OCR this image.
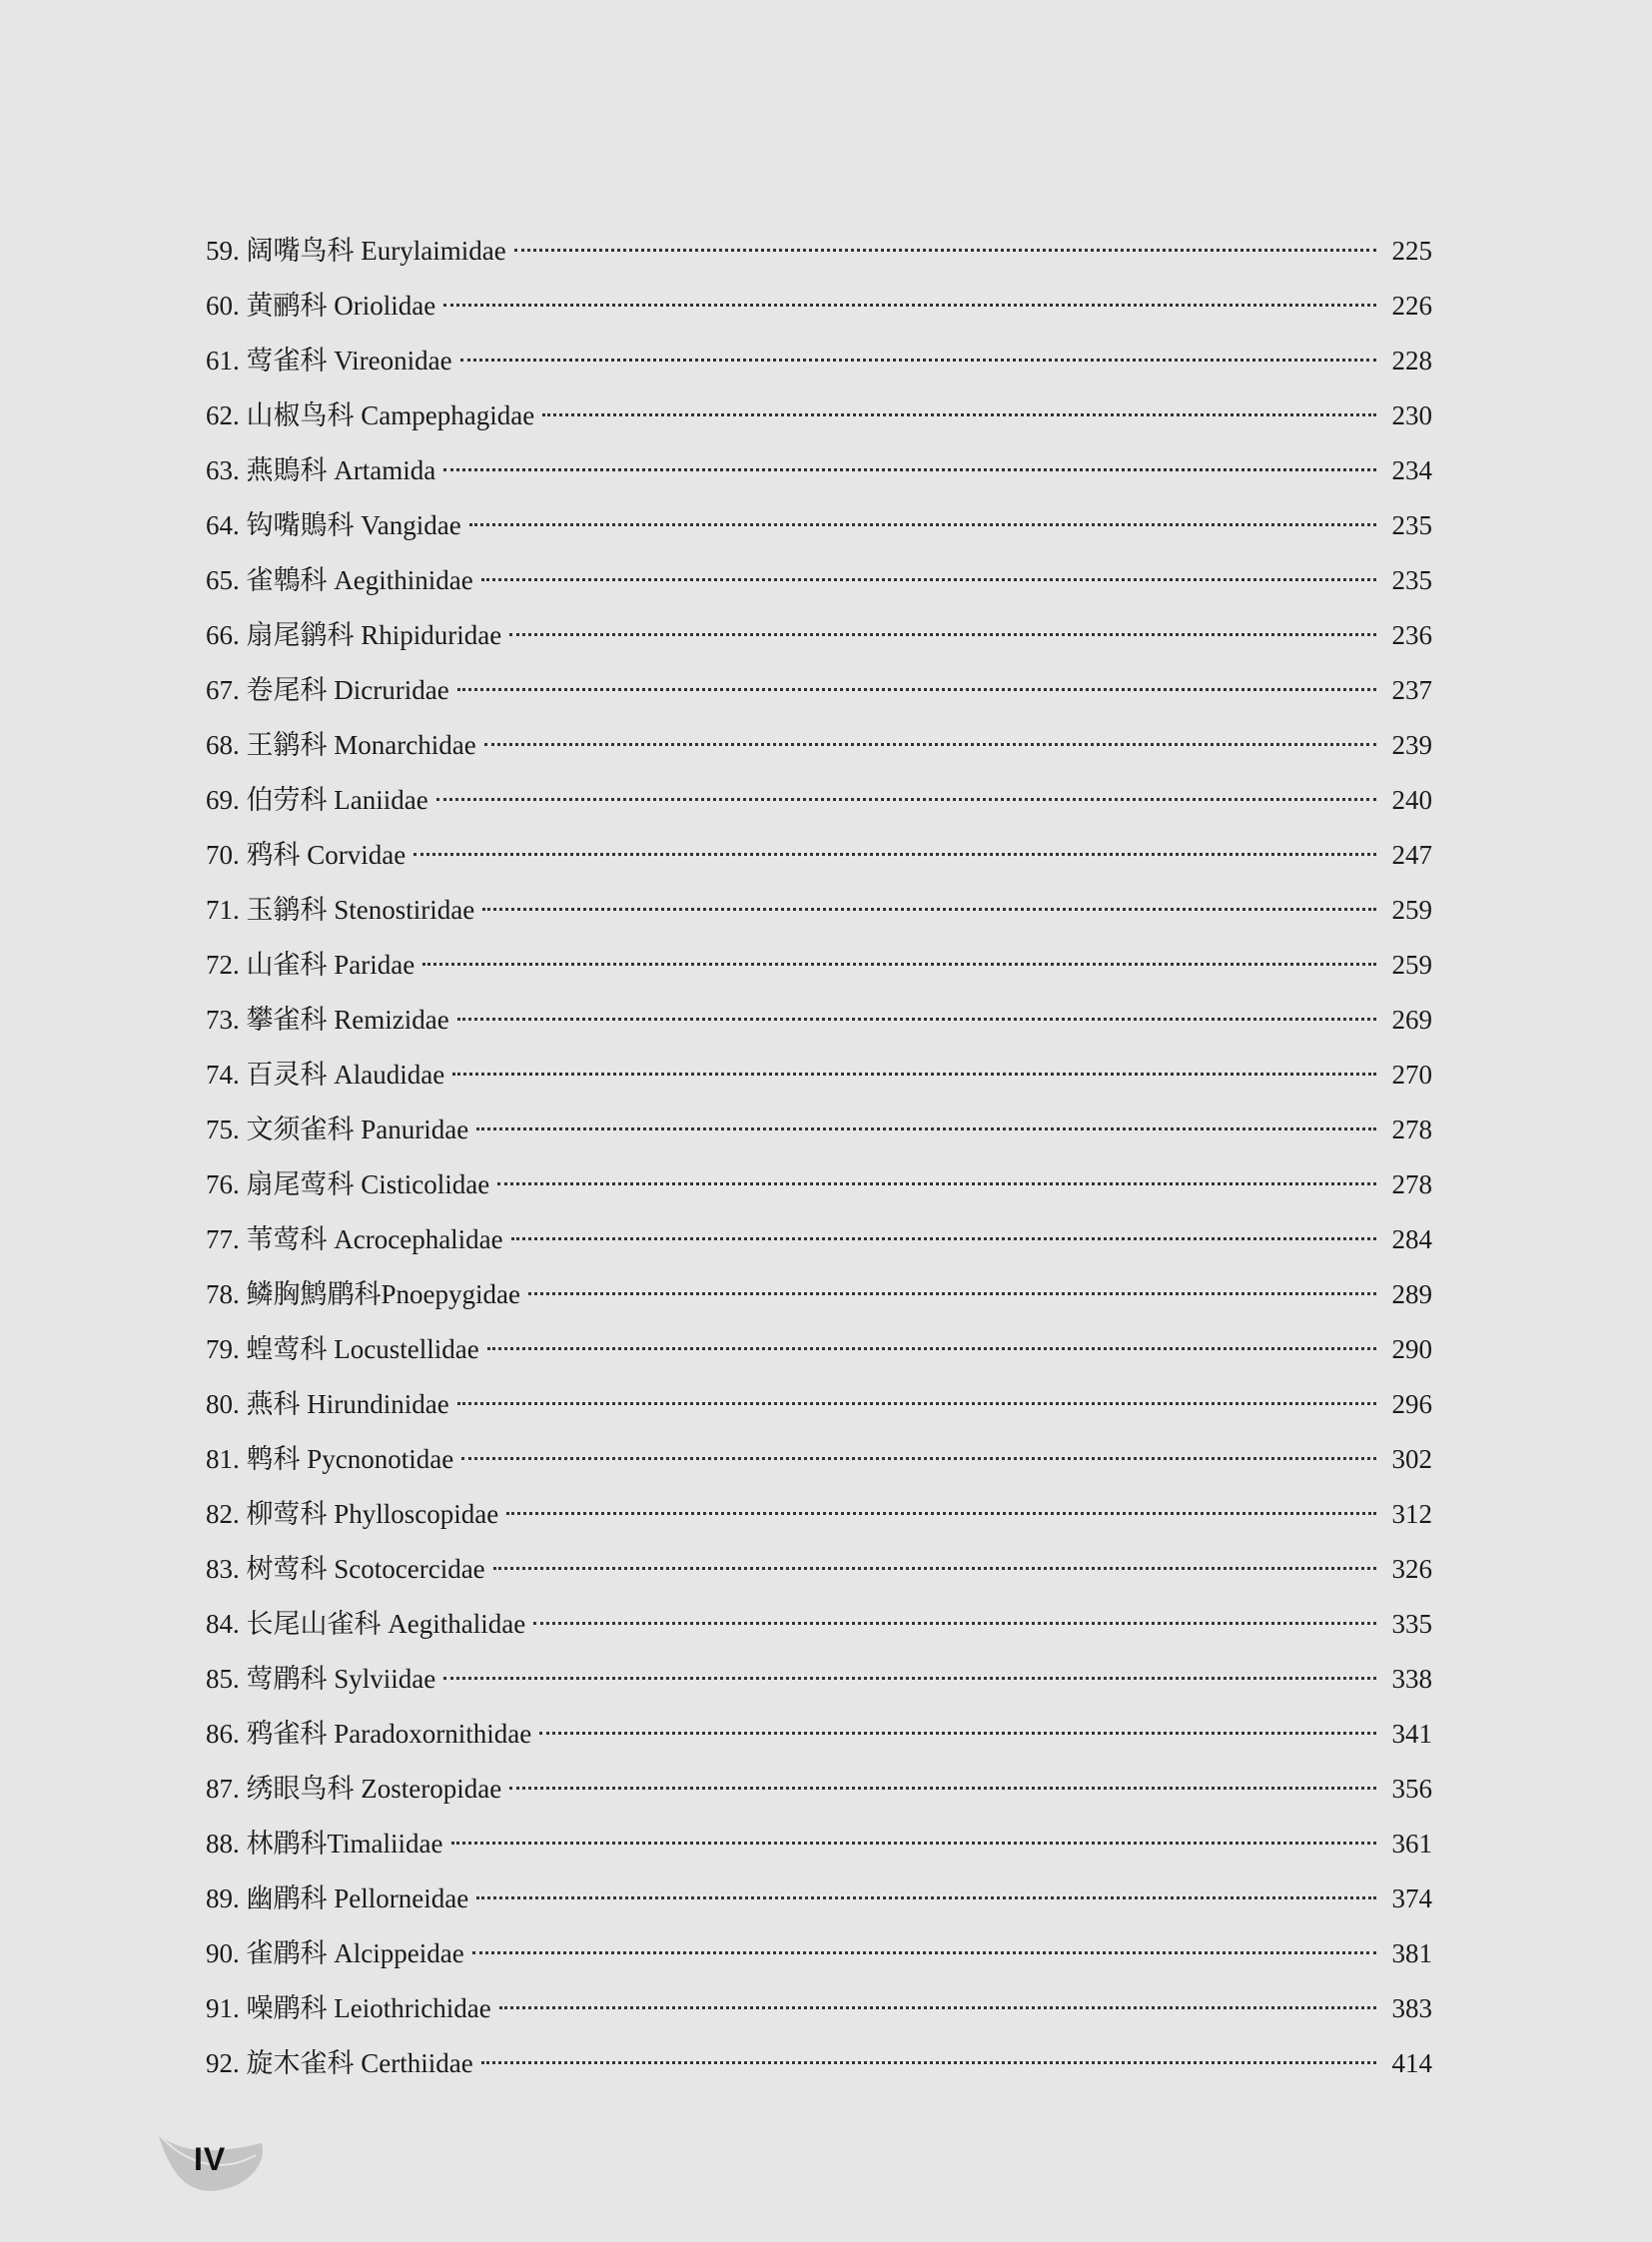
59. 阔嘴鸟科 Eurylaimidae	225
60. 黄鹂科 Oriolidae	226
61. 莺雀科 Vireonidae	228
62. 山椒鸟科 Campephagidae	230
63. 燕鵙科 Artamida	234
64. 钩嘴鵙科 Vangidae	235
65. 雀鵯科 Aegithinidae	235
66. 扇尾鹟科 Rhipiduridae	236
67. 卷尾科 Dicruridae	237
68. 王鹟科 Monarchidae	239
69. 伯劳科 Laniidae	240
70. 鸦科 Corvidae	247
71. 玉鹟科 Stenostiridae	259
72. 山雀科 Paridae	259
73. 攀雀科 Remizidae	269
74. 百灵科 Alaudidae	270
75. 文须雀科 Panuridae	278
76. 扇尾莺科 Cisticolidae	278
77. 苇莺科 Acrocephalidae	284
78. 鳞胸鹪鹛科Pnoepygidae	289
79. 蝗莺科 Locustellidae	290
80. 燕科 Hirundinidae	296
81. 鹎科 Pycnonotidae	302
82. 柳莺科 Phylloscopidae	312
83. 树莺科 Scotocercidae	326
84. 长尾山雀科 Aegithalidae	335
85. 莺鹛科 Sylviidae	338
86. 鸦雀科 Paradoxornithidae	341
87. 绣眼鸟科 Zosteropidae	356
88. 林鹛科Timaliidae	361
89. 幽鹛科 Pellorneidae	374
90. 雀鹛科 Alcippeidae	381
91. 噪鹛科 Leiothrichidae	383
92. 旋木雀科 Certhiidae	414
IV
